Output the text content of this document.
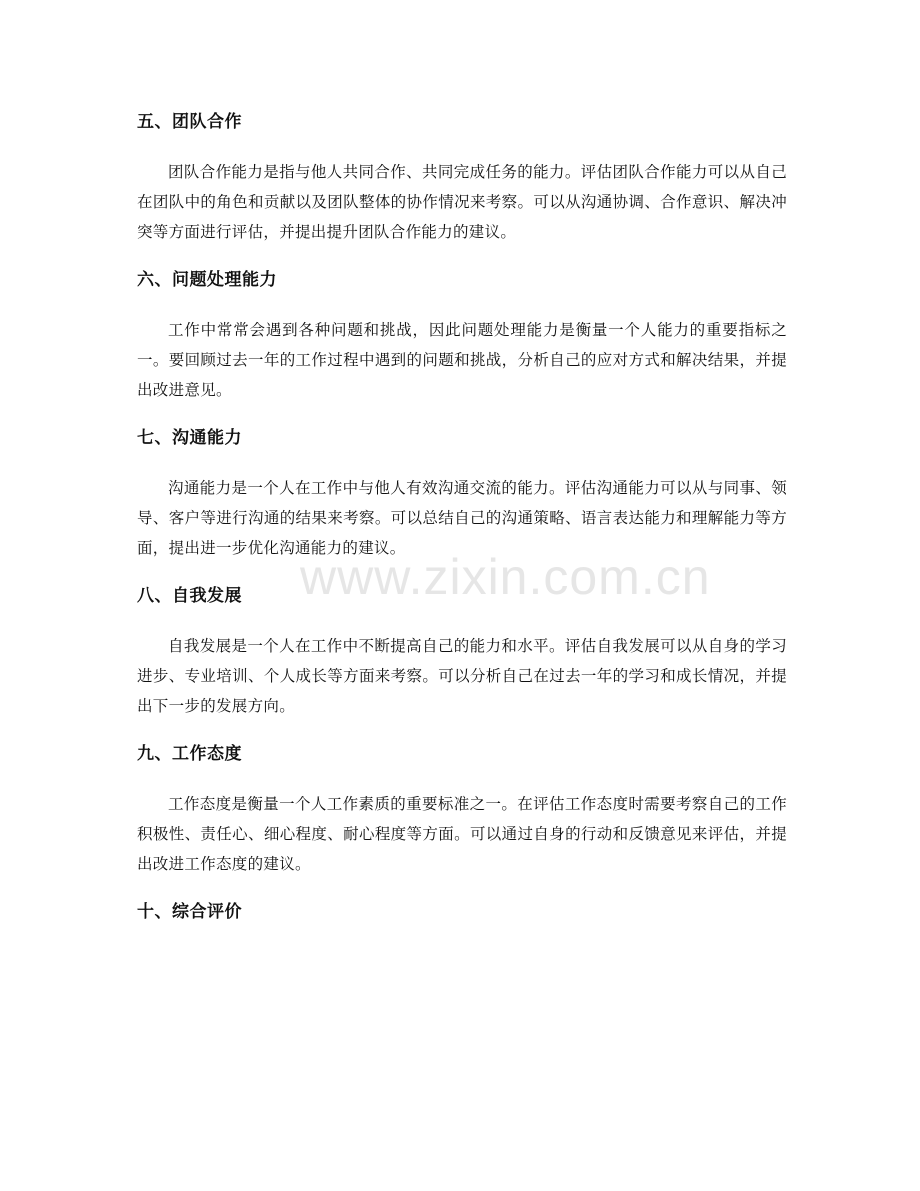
www.zixin.com.cn
五、团队合作

团队合作能力是指与他人共同合作、共同完成任务的能力。评估团队合作能力可以从自己在团队中的角色和贡献以及团队整体的协作情况来考察。可以从沟通协调、合作意识、解决冲突等方面进行评估，并提出提升团队合作能力的建议。

六、问题处理能力

工作中常常会遇到各种问题和挑战，因此问题处理能力是衡量一个人能力的重要指标之一。要回顾过去一年的工作过程中遇到的问题和挑战，分析自己的应对方式和解决结果，并提出改进意见。

七、沟通能力

沟通能力是一个人在工作中与他人有效沟通交流的能力。评估沟通能力可以从与同事、领导、客户等进行沟通的结果来考察。可以总结自己的沟通策略、语言表达能力和理解能力等方面，提出进一步优化沟通能力的建议。

八、自我发展

自我发展是一个人在工作中不断提高自己的能力和水平。评估自我发展可以从自身的学习进步、专业培训、个人成长等方面来考察。可以分析自己在过去一年的学习和成长情况，并提出下一步的发展方向。

九、工作态度

工作态度是衡量一个人工作素质的重要标准之一。在评估工作态度时需要考察自己的工作积极性、责任心、细心程度、耐心程度等方面。可以通过自身的行动和反馈意见来评估，并提出改进工作态度的建议。

十、综合评价
